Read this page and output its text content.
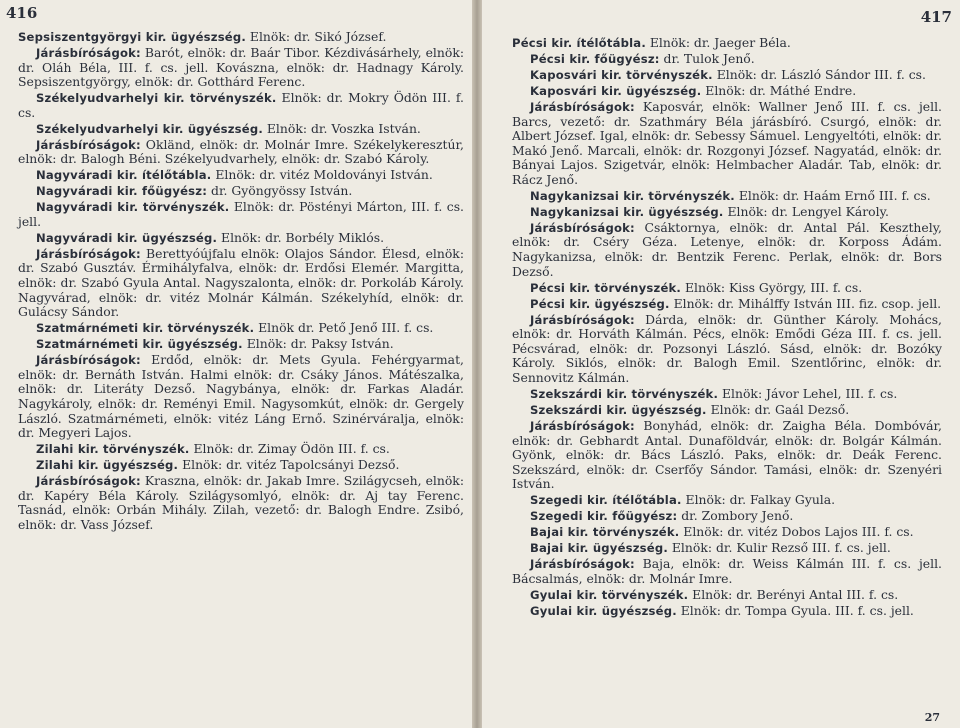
416

Sepsiszentgyörgyi kir. ügyészség. Elnök: dr. Sikó József.

Járásbíróságok: Barót, elnök: dr. Baár Tibor. Kézdivásárhely, elnök: dr. Oláh Béla, III. f. cs. jell. Kovászna, elnök: dr. Hadnagy Károly. Sepsiszentgyörgy, elnök: dr. Gotthárd Ferenc.

Székelyudvarhelyi kir. törvényszék. Elnök: dr. Mokry Ödön III. f. cs.

Székelyudvarhelyi kir. ügyészség. Elnök: dr. Voszka István.

Járásbíróságok: Okländ, elnök: dr. Molnár Imre. Székelykeresztúr, elnök: dr. Balogh Béni. Székelyudvarhely, elnök: dr. Szabó Károly.

Nagyváradi kir. ítélőtábla. Elnök: dr. vitéz Moldoványi István.

Nagyváradi kir. főügyész: dr. Gyöngyössy István.

Nagyváradi kir. törvényszék. Elnök: dr. Pöstényi Márton, III. f. cs. jell.

Nagyváradi kir. ügyészség. Elnök: dr. Borbély Miklós.

Járásbíróságok: Berettyóújfalu elnök: Olajos Sándor. Élesd, elnök: dr. Szabó Gusztáv. Érmihályfalva, elnök: dr. Erdősi Elemér. Margitta, elnök: dr. Szabó Gyula Antal. Nagyszalonta, elnök: dr. Porkoláb Károly. Nagyvárad, elnök: dr. vitéz Molnár Kálmán. Székelyhíd, elnök: dr. Gulácsy Sándor.

Szatmárnémeti kir. törvényszék. Elnök dr. Pető Jenő III. f. cs.

Szatmárnémeti kir. ügyészség. Elnök: dr. Paksy István.

Járásbíróságok: Erdőd, elnök: dr. Mets Gyula. Fehérgyarmat, elnök: dr. Bernáth István. Halmi elnök: dr. Csáky János. Mátészalka, elnök: dr. Literáty Dezső. Nagybánya, elnök: dr. Farkas Aladár. Nagykároly, elnök: dr. Reményi Emil. Nagysomkút, elnök: dr. Gergely László. Szatmárnémeti, elnök: vitéz Láng Ernő. Szinérváralja, elnök: dr. Megyeri Lajos.

Zilahi kir. törvényszék. Elnök: dr. Zimay Ödön III. f. cs.

Zilahi kir. ügyészség. Elnök: dr. vitéz Tapolcsányi Dezső.

Járásbíróságok: Kraszna, elnök: dr. Jakab Imre. Szilágycseh, elnök: dr. Kapéry Béla Károly. Szilágysomlyó, elnök: dr. Aj tay Ferenc. Tasnád, elnök: Orbán Mihály. Zilah, vezető: dr. Balogh Endre. Zsibó, elnök: dr. Vass József.

417

Pécsi kir. ítélőtábla. Elnök: dr. Jaeger Béla.

Pécsi kir. főügyész: dr. Tulok Jenő.

Kaposvári kir. törvényszék. Elnök: dr. László Sándor III. f. cs.

Kaposvári kir. ügyészség. Elnök: dr. Máthé Endre.

Járásbíróságok: Kaposvár, elnök: Wallner Jenő III. f. cs. jell. Barcs, vezető: dr. Szathmáry Béla járásbíró. Csurgó, elnök: dr. Albert József. Igal, elnök: dr. Sebessy Sámuel. Lengyeltóti, elnök: dr. Makó Jenő. Marcali, elnök: dr. Rozgonyi József. Nagyatád, elnök: dr. Bányai Lajos. Szigetvár, elnök: Helmbacher Aladár. Tab, elnök: dr. Rácz Jenő.

Nagykanizsai kir. törvényszék. Elnök: dr. Haám Ernő III. f. cs.

Nagykanizsai kir. ügyészség. Elnök: dr. Lengyel Károly.

Járásbíróságok: Csáktornya, elnök: dr. Antal Pál. Keszthely, elnök: dr. Cséry Géza. Letenye, elnök: dr. Korposs Ádám. Nagykanizsa, elnök: dr. Bentzik Ferenc. Perlak, elnök: dr. Bors Dezső.

Pécsi kir. törvényszék. Elnök: Kiss György, III. f. cs.

Pécsi kir. ügyészség. Elnök: dr. Mihálffy István III. fiz. csop. jell.

Járásbíróságok: Dárda, elnök: dr. Günther Károly. Mohács, elnök: dr. Horváth Kálmán. Pécs, elnök: Emődi Géza III. f. cs. jell. Pécsvárad, elnök: dr. Pozsonyi László. Sásd, elnök: dr. Bozóky Károly. Siklós, elnök: dr. Balogh Emil. Szentlőrinc, elnök: dr. Sennovitz Kálmán.

Szekszárdi kir. törvényszék. Elnök: Jávor Lehel, III. f. cs.

Szekszárdi kir. ügyészség. Elnök: dr. Gaál Dezső.

Járásbíróságok: Bonyhád, elnök: dr. Zaigha Béla. Dombóvár, elnök: dr. Gebhardt Antal. Dunaföldvár, elnök: dr. Bolgár Kálmán. Gyönk, elnök: dr. Bács László. Paks, elnök: dr. Deák Ferenc. Szekszárd, elnök: dr. Cserfőy Sándor. Tamási, elnök: dr. Szenyéri István.

Szegedi kir. ítélőtábla. Elnök: dr. Falkay Gyula.

Szegedi kir. főügyész: dr. Zombory Jenő.

Bajai kir. törvényszék. Elnök: dr. vitéz Dobos Lajos III. f. cs.

Bajai kir. ügyészség. Elnök: dr. Kulir Rezső III. f. cs. jell.

Járásbíróságok: Baja, elnök: dr. Weiss Kálmán III. f. cs. jell. Bácsalmás, elnök: dr. Molnár Imre.

Gyulai kir. törvényszék. Elnök: dr. Berényi Antal III. f. cs.

Gyulai kir. ügyészség. Elnök: dr. Tompa Gyula. III. f. cs. jell.

27
